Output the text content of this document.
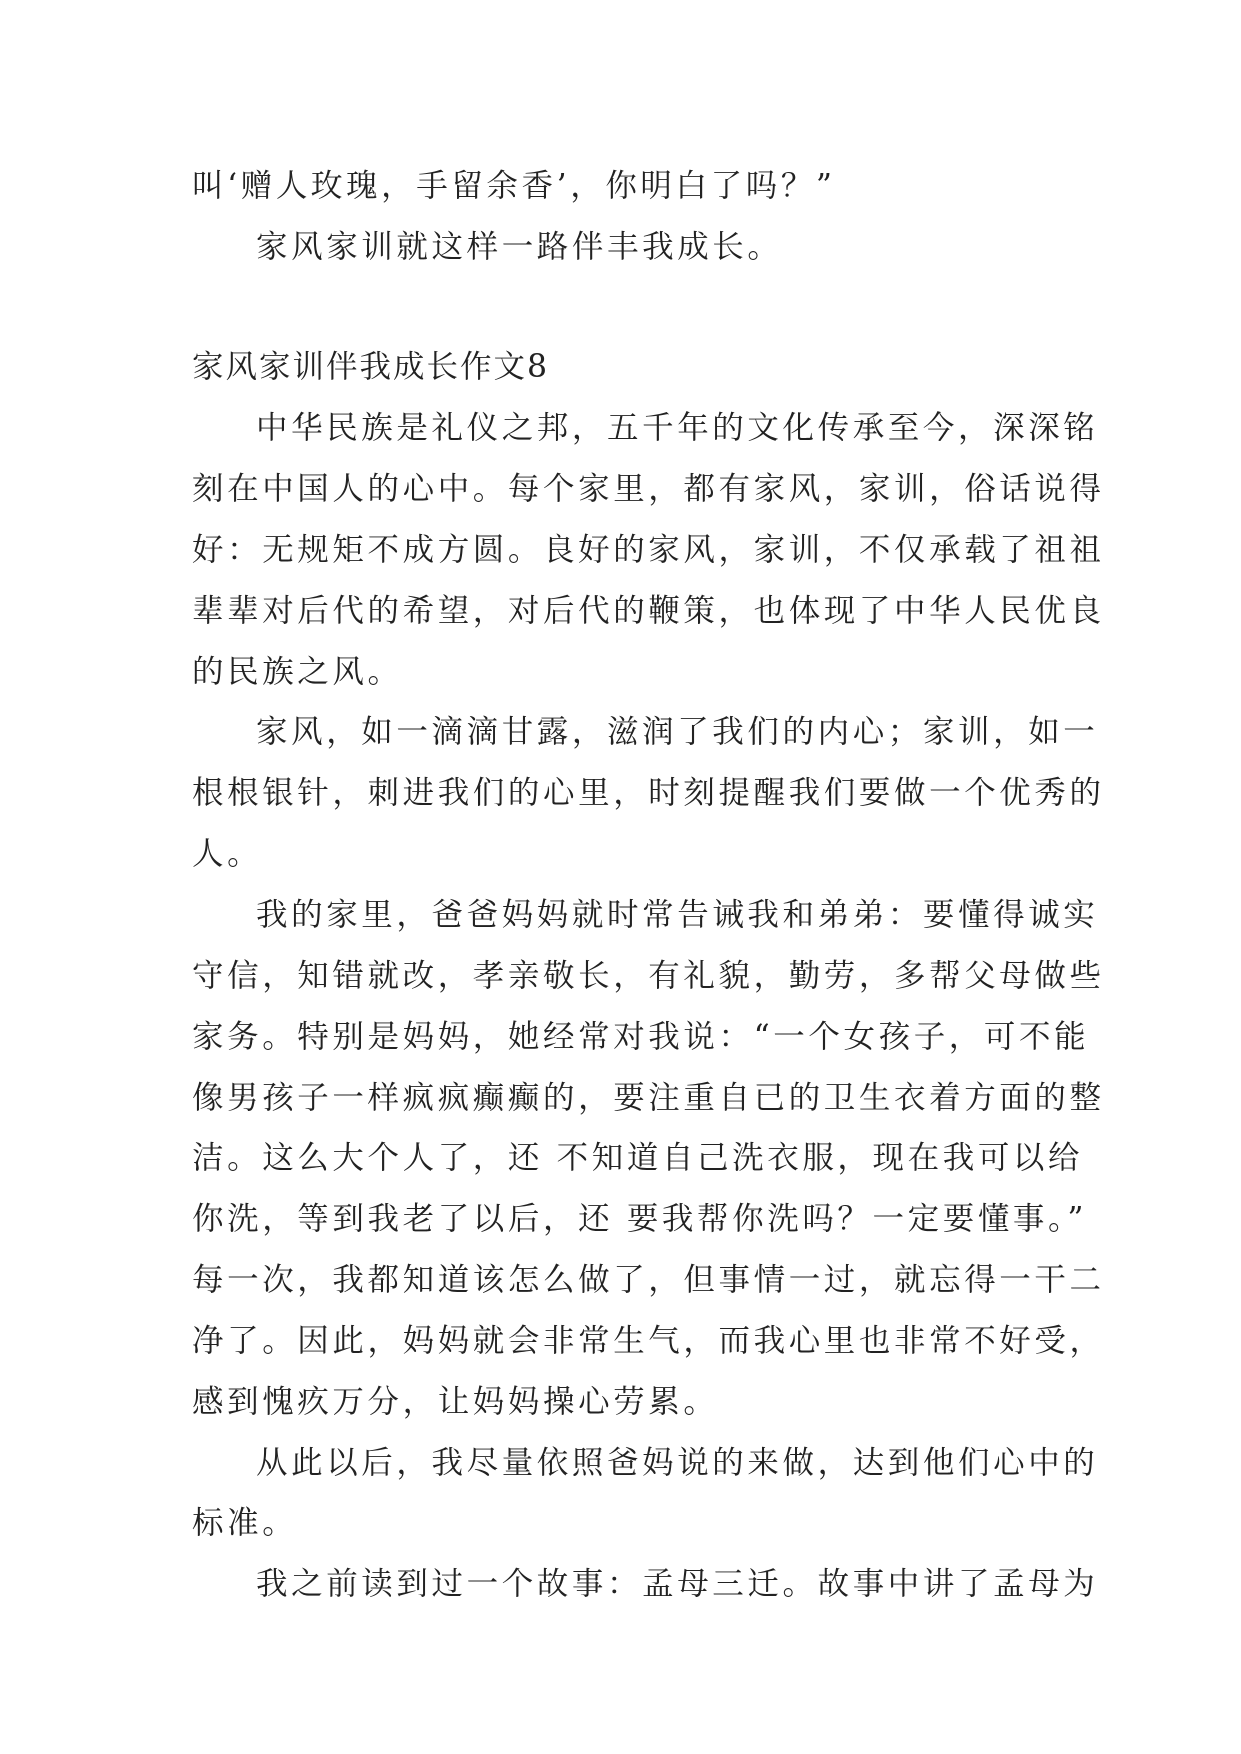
叫‘赠人玫瑰，手留余香’，你明白了吗？”
家风家训就这样一路伴丰我成长。
家风家训伴我成长作文8
中华民族是礼仪之邦，五千年的文化传承至今，深深铭
刻在中国人的心中。每个家里，都有家风，家训，俗话说得
好：无规矩不成方圆。良好的家风，家训，不仅承载了祖祖
辈辈对后代的希望，对后代的鞭策，也体现了中华人民优良
的民族之风。
家风，如一滴滴甘露，滋润了我们的内心；家训，如一
根根银针，刺进我们的心里，时刻提醒我们要做一个优秀的
人。
我的家里，爸爸妈妈就时常告诫我和弟弟：要懂得诚实
守信，知错就改，孝亲敬长，有礼貌，勤劳，多帮父母做些
家务。特别是妈妈，她经常对我说：“一个女孩子，可不能
像男孩子一样疯疯癫癫的，要注重自已的卫生衣着方面的整
洁。这么大个人了，还 不知道自己洗衣服，现在我可以给
你洗，等到我老了以后，还 要我帮你洗吗？一定要懂事。”
每一次，我都知道该怎么做了，但事情一过，就忘得一干二
净了。因此，妈妈就会非常生气，而我心里也非常不好受，
感到愧疚万分，让妈妈操心劳累。
从此以后，我尽量依照爸妈说的来做，达到他们心中的
标准。
我之前读到过一个故事：孟母三迁。故事中讲了孟母为
